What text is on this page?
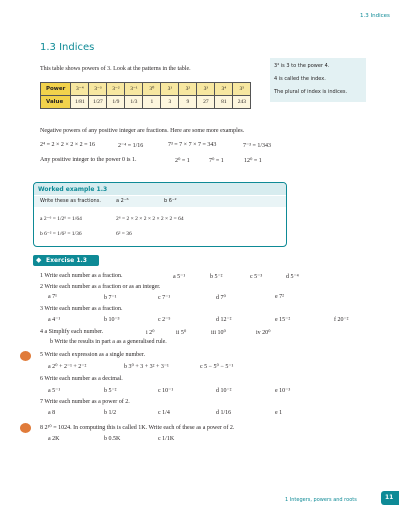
1.3 Indices
1.3 Indices
This table shows powers of 3. Look at the patterns in the table.	3⁴ is 3 to the power 4.
4 is called the index.
The plural of index is indices.
Power	3⁻⁴	3⁻³	3⁻²	3⁻¹	3⁰	3¹	3²	3³	3⁴	3⁵
Value	1/81	1/27	1/9	1/3	1	3	9	27	81	243
Negative powers of any positive integer are fractions. Here are some more examples.
2⁴ = 2 × 2 × 2 × 2 = 16	2⁻⁴ = 1/16	7³ = 7 × 7 × 7 = 343	7⁻³ = 1/343
Any positive integer to the power 0 is 1.	2⁰ = 1	7⁰ = 1	12⁰ = 1
Worked example 1.3
Write these as fractions.	a 2⁻⁶	b 6⁻²
a 2⁻⁶ = 1/2⁶ = 1/64	2⁶ = 2 × 2 × 2 × 2 × 2 × 2 = 64
b 6⁻² = 1/6² = 1/36	6² = 36
◆ Exercise 1.3
1 Write each number as a fraction.	a 5⁻¹	b 5⁻²	c 5⁻³	d 5⁻⁴
2 Write each number as a fraction or as an integer.
a 7¹	b 7⁻¹	c 7⁻¹	d 7⁰	e 7²
3 Write each number as a fraction.
a 4⁻¹	b 10⁻³	c 2⁻⁵	d 12⁻²	e 15⁻²	f 20⁻²
4 a Simplify each number.	i 2⁰	ii 5⁰	iii 10⁰	iv 20⁰
b Write the results in part a as a generalised rule.
5 Write each expression as a single number.
a 2⁰ + 2⁻¹ + 2⁻²	b 3⁰ + 3 + 3² + 3⁻¹	c 5 − 5⁰ − 5⁻¹
6 Write each number as a decimal.
a 5⁻¹	b 5⁻²	c 10⁻¹	d 10⁻²	e 10⁻³
7 Write each number as a power of 2.
a 8	b 1/2	c 1/4	d 1/16	e 1
8 2¹⁰ = 1024. In computing this is called 1K. Write each of these as a power of 2.
a 2K	b 0.5K	c 1/1K
1 Integers, powers and roots	11
